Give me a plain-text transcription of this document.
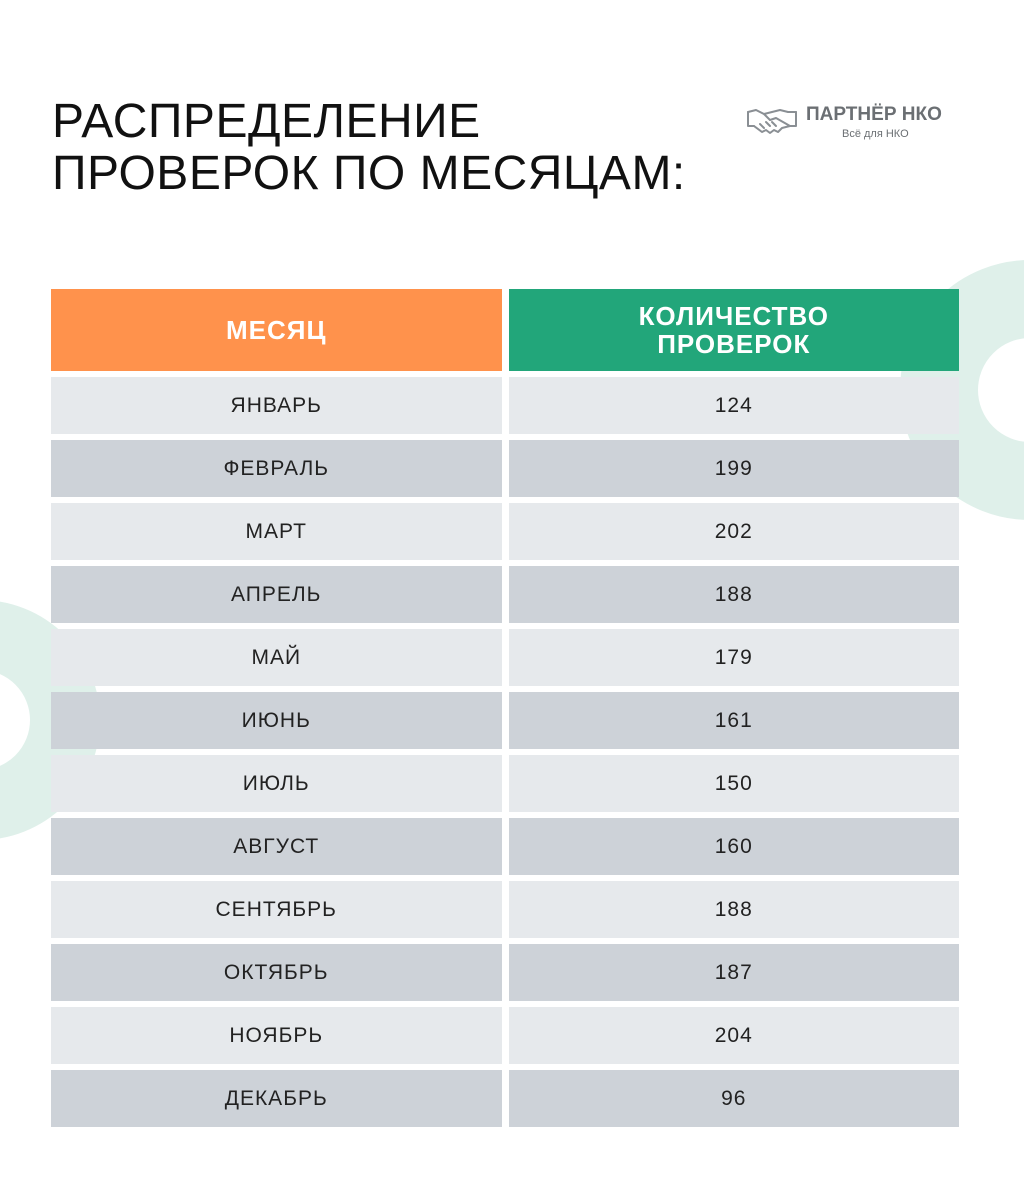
РАСПРЕДЕЛЕНИЕ
ПРОВЕРОК ПО МЕСЯЦАМ:
ПАРТНЁР НКО
Всё для НКО
МЕСЯЦ	КОЛИЧЕСТВО ПРОВЕРОК
ЯНВАРЬ	124
ФЕВРАЛЬ	199
МАРТ	202
АПРЕЛЬ	188
МАЙ	179
ИЮНЬ	161
ИЮЛЬ	150
АВГУСТ	160
СЕНТЯБРЬ	188
ОКТЯБРЬ	187
НОЯБРЬ	204
ДЕКАБРЬ	96
